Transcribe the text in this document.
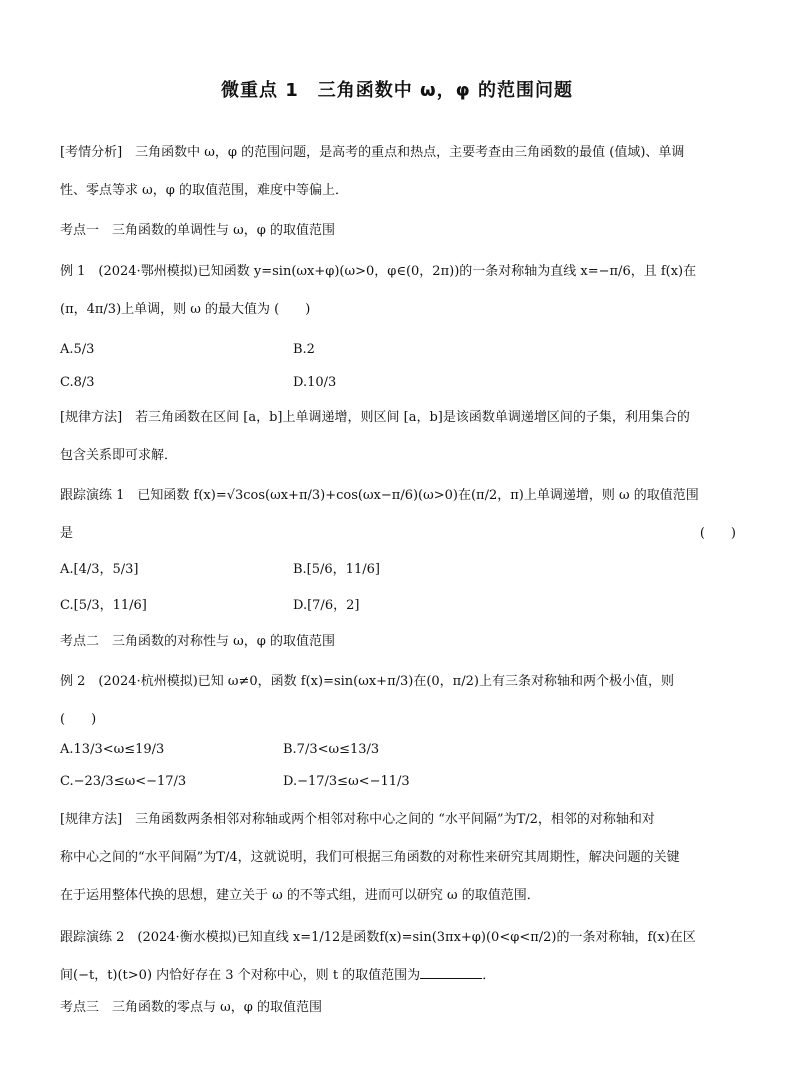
微重点 1　三角函数中 ω，φ 的范围问题
[考情分析]　三角函数中 ω，φ 的范围问题，是高考的重点和热点，主要考查由三角函数的最值 (值域)、单调
性、零点等求 ω，φ 的取值范围，难度中等偏上．
考点一　三角函数的单调性与 ω，φ 的取值范围
例 1　(2024·鄂州模拟)已知函数 y=sin(ωx+φ)(ω>0，φ∈(0，2π))的一条对称轴为直线 x=−π/6，且 f(x)在
(π，4π/3)上单调，则 ω 的最大值为 (　　)
A.5/3	B.2
C.8/3	D.10/3
[规律方法]　若三角函数在区间 [a，b]上单调递增，则区间 [a，b]是该函数单调递增区间的子集，利用集合的
包含关系即可求解．
跟踪演练 1　已知函数 f(x)=√3cos(ωx+π/3)+cos(ωx−π/6)(ω>0)在(π/2，π)上单调递增，则 ω 的取值范围
是	(　　)
A.[4/3，5/3]	B.[5/6，11/6]
C.[5/3，11/6]	D.[7/6，2]
考点二　三角函数的对称性与 ω，φ 的取值范围
例 2　(2024·杭州模拟)已知 ω≠0，函数 f(x)=sin(ωx+π/3)在(0，π/2)上有三条对称轴和两个极小值，则
(　　)
A.13/3<ω≤19/3	B.7/3<ω≤13/3
C.−23/3≤ω<−17/3	D.−17/3≤ω<−11/3
[规律方法]　三角函数两条相邻对称轴或两个相邻对称中心之间的 “水平间隔”为T/2，相邻的对称轴和对
称中心之间的“水平间隔”为T/4，这就说明，我们可根据三角函数的对称性来研究其周期性，解决问题的关键
在于运用整体代换的思想，建立关于 ω 的不等式组，进而可以研究 ω 的取值范围．
跟踪演练 2　(2024·衡水模拟)已知直线 x=1/12是函数f(x)=sin(3πx+φ)(0<φ<π/2)的一条对称轴，f(x)在区
间(−t，t)(t>0) 内恰好存在 3 个对称中心，则 t 的取值范围为	．
考点三　三角函数的零点与 ω，φ 的取值范围
